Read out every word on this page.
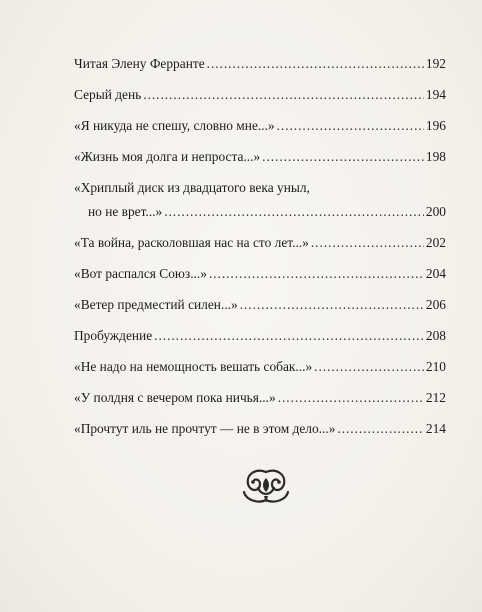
Читая Элену Ферранте . . .	192
Серый день . . .	194
«Я никуда не спешу, словно мне...» . . .	196
«Жизнь моя долга и непроста...» . . .	198
«Хриплый диск из двадцатого века уныл,
но не врет...» . . .	200
«Та война, расколовшая нас на сто лет...» . . .	202
«Вот распался Союз...» . . .	204
«Ветер предместий силен...» . . .	206
Пробуждение . . .	208
«Не надо на немощность вешать собак...» . . .	210
«У полдня с вечером пока ничья...» . . .	212
«Прочтут иль не прочтут — не в этом дело...» . . .	214
